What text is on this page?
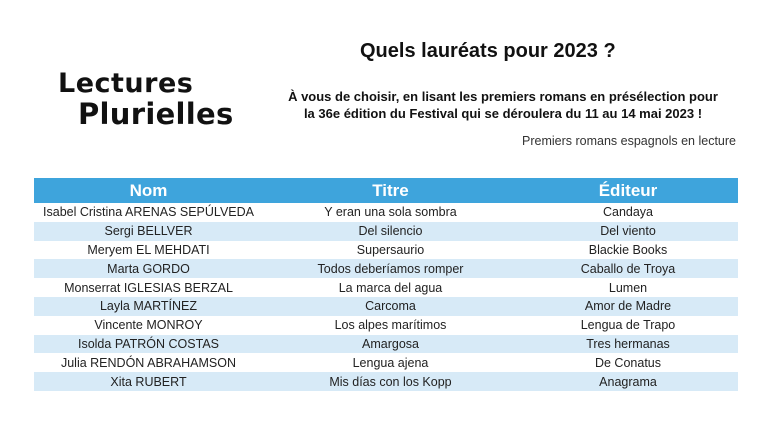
Lectures
Plurielles
Quels lauréats pour 2023 ?
À vous de choisir, en lisant les premiers romans en présélection pour
la 36e édition du Festival qui se déroulera du 11 au 14 mai 2023 !
Premiers romans espagnols en lecture
Nom	Titre	Éditeur
Isabel Cristina ARENAS SEPÚLVEDA	Y eran una sola sombra	Candaya
Sergi BELLVER	Del silencio	Del viento
Meryem EL MEHDATI	Supersaurio	Blackie Books
Marta GORDO	Todos deberíamos romper	Caballo de Troya
Monserrat IGLESIAS BERZAL	La marca del agua	Lumen
Layla MARTÍNEZ	Carcoma	Amor de Madre
Vincente MONROY	Los alpes marítimos	Lengua de Trapo
Isolda PATRÓN COSTAS	Amargosa	Tres hermanas
Julia RENDÓN ABRAHAMSON	Lengua ajena	De Conatus
Xita RUBERT	Mis días con los Kopp	Anagrama
